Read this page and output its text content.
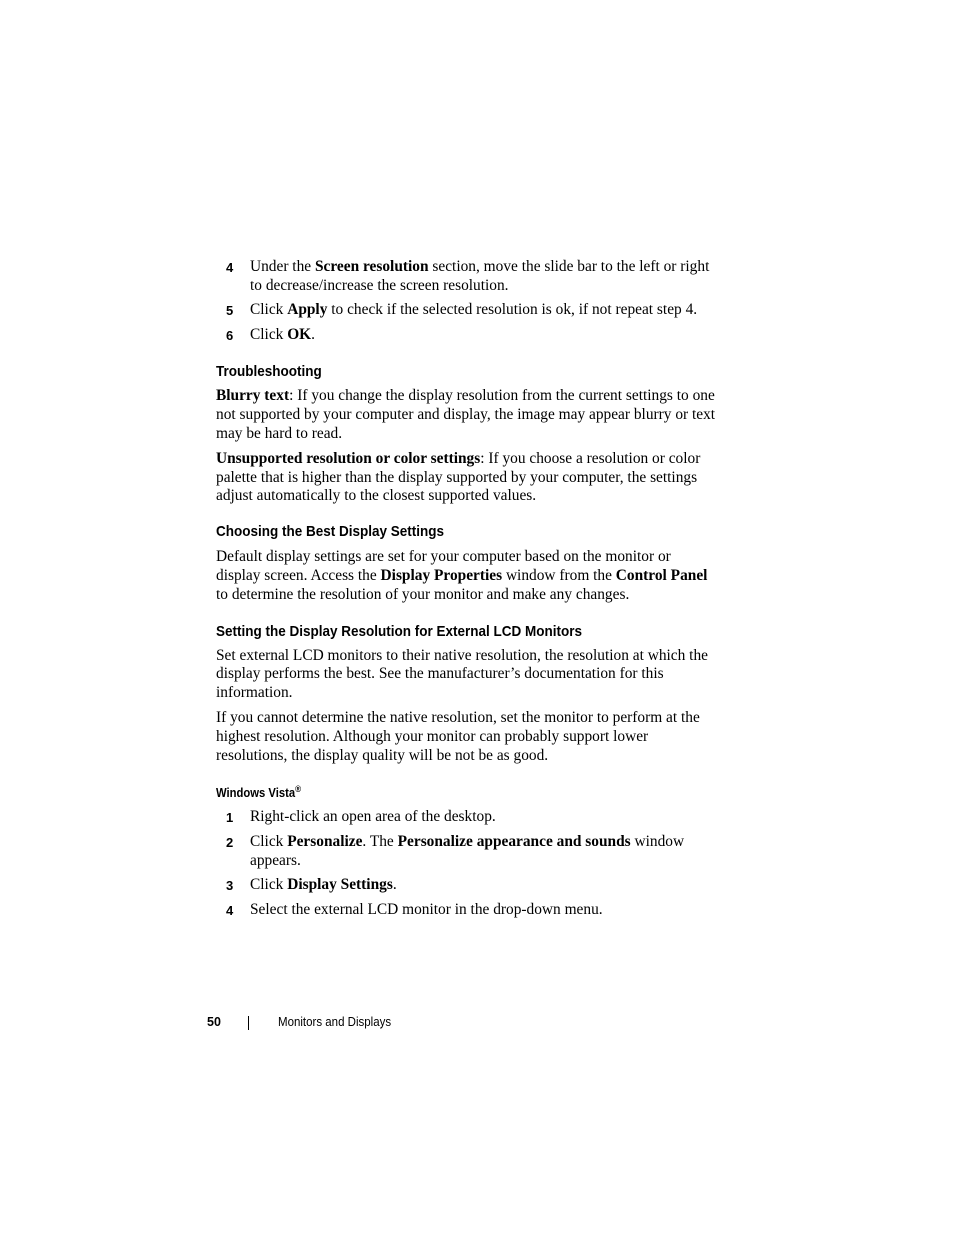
4 Under the Screen resolution section, move the slide bar to the left or right to decrease/increase the screen resolution.
5 Click Apply to check if the selected resolution is ok, if not repeat step 4.
6 Click OK.
Troubleshooting

Blurry text: If you change the display resolution from the current settings to one not supported by your computer and display, the image may appear blurry or text may be hard to read.

Unsupported resolution or color settings: If you choose a resolution or color palette that is higher than the display supported by your computer, the settings adjust automatically to the closest supported values.

Choosing the Best Display Settings

Default display settings are set for your computer based on the monitor or display screen. Access the Display Properties window from the Control Panel to determine the resolution of your monitor and make any changes.

Setting the Display Resolution for External LCD Monitors

Set external LCD monitors to their native resolution, the resolution at which the display performs the best. See the manufacturer’s documentation for this information.

If you cannot determine the native resolution, set the monitor to perform at the highest resolution. Although your monitor can probably support lower resolutions, the display quality will be not be as good.

Windows Vista®
1 Right-click an open area of the desktop.
2 Click Personalize. The Personalize appearance and sounds window appears.
3 Click Display Settings.
4 Select the external LCD monitor in the drop-down menu.
50	Monitors and Displays
